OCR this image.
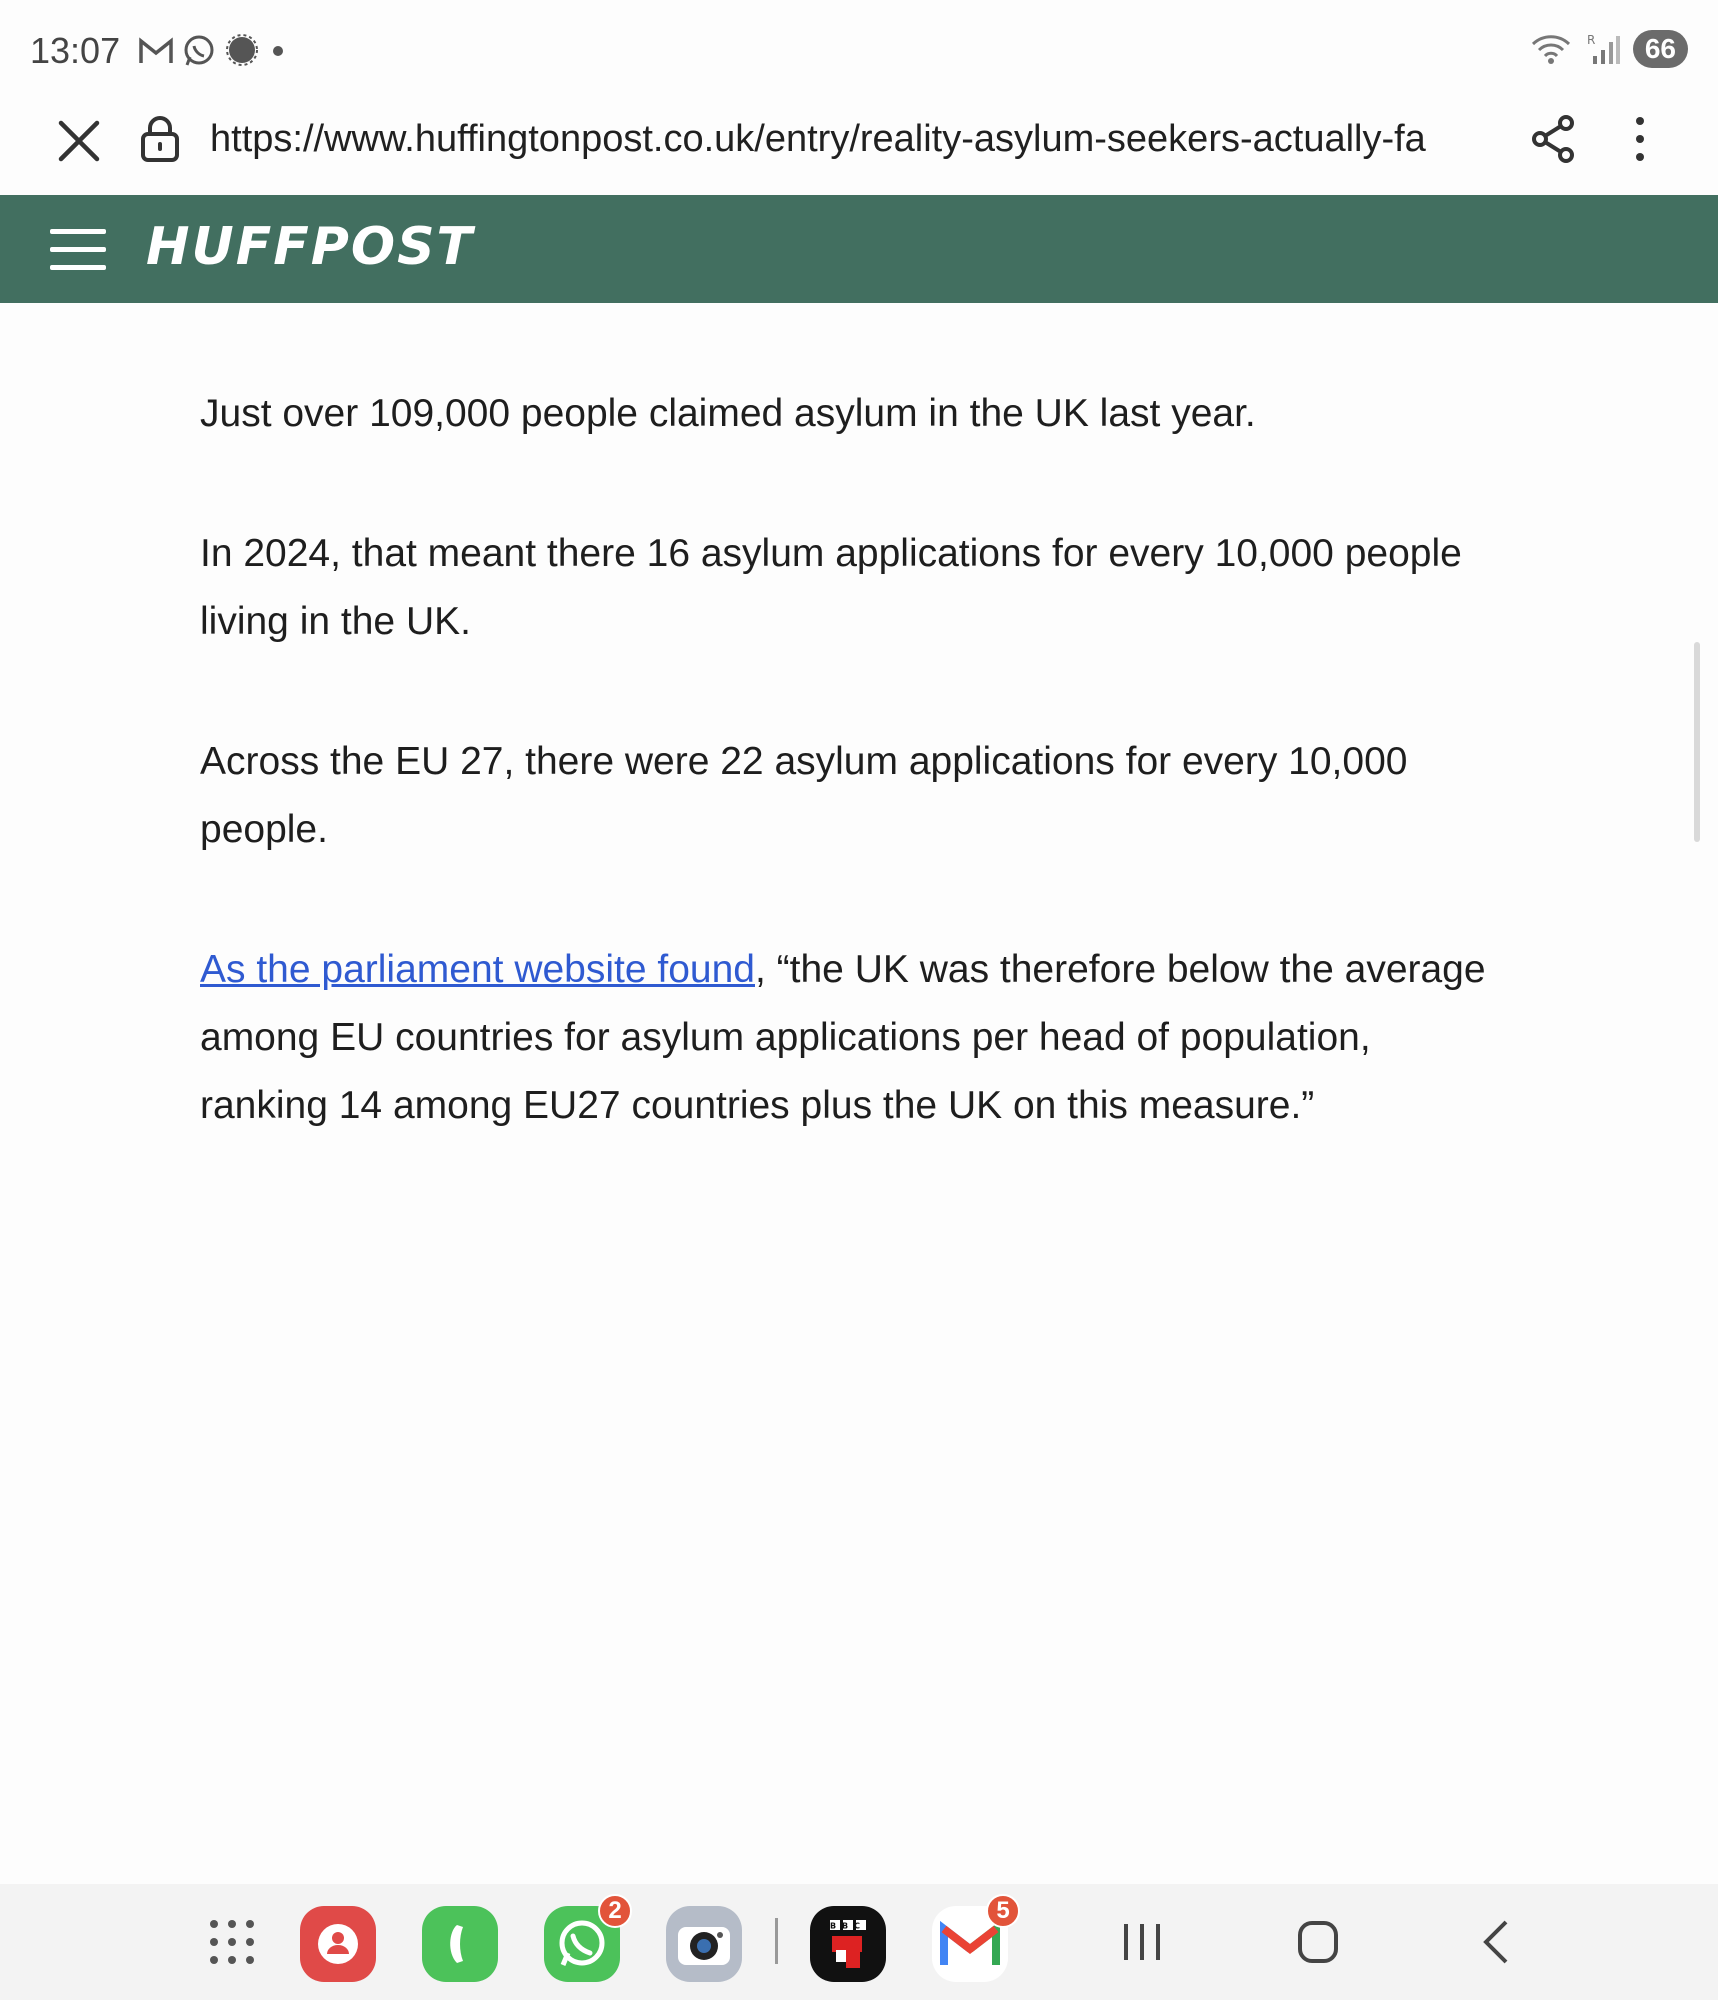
13:07	R	66
https://www.huffingtonpost.co.uk/entry/reality-asylum-seekers-actually-fa
HUFFPOST

Just over 109,000 people claimed asylum in the UK last year.

In 2024, that meant there 16 asylum applications for every 10,000 people living in the UK.

Across the EU 27, there were 22 asylum applications for every 10,000 people.

As the parliament website found, “the UK was therefore below the average among EU countries for asylum applications per head of population, ranking 14 among EU27 countries plus the UK on this measure.”

2
BBC
5
